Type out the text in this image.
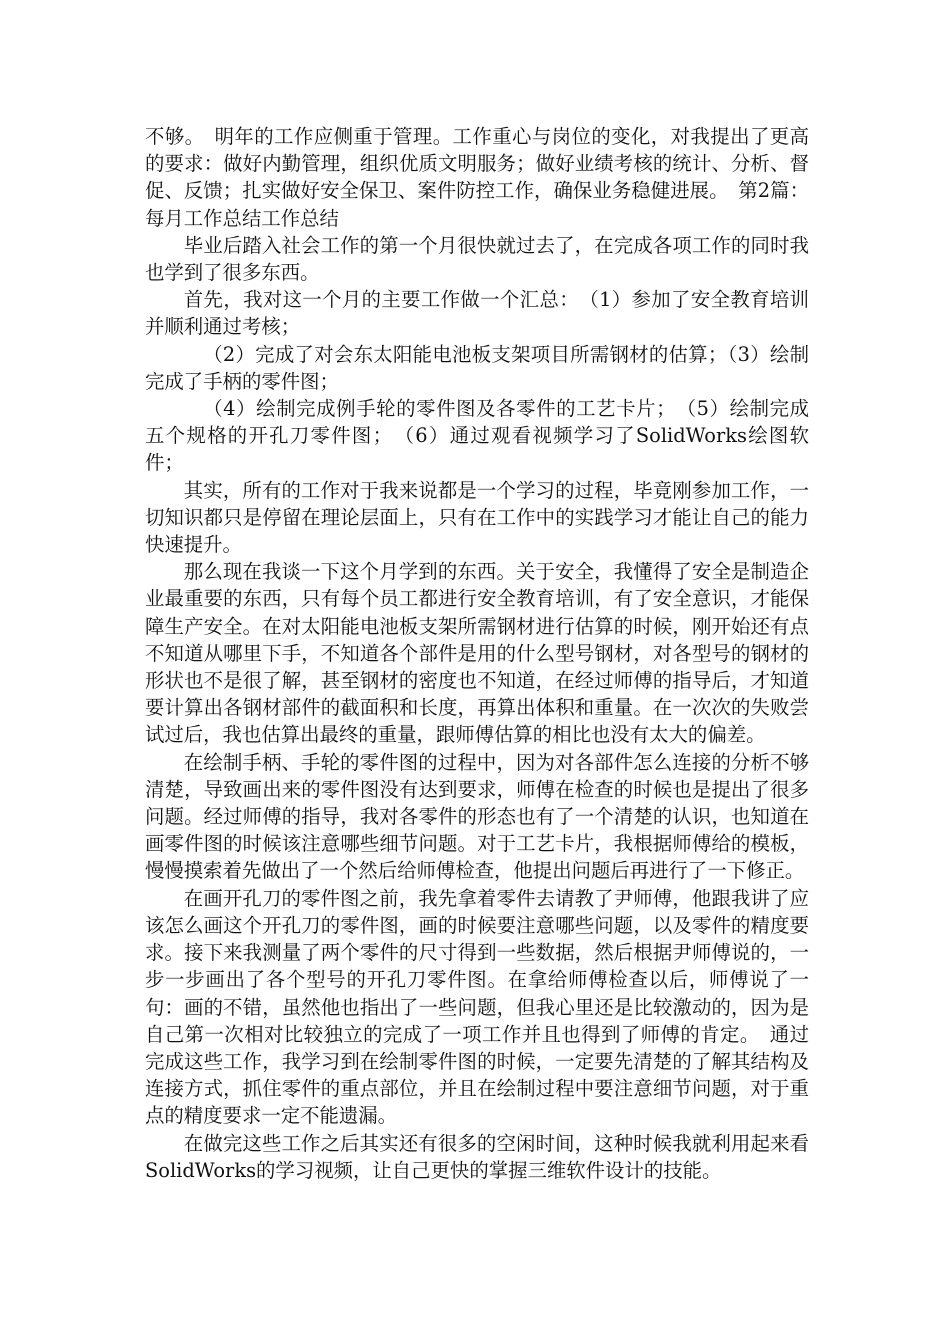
不够。　明年的工作应侧重于管理。工作重心与岗位的变化，对我提出了更高的要求：做好内勤管理，组织优质文明服务；做好业绩考核的统计、分析、督促、反馈；扎实做好安全保卫、案件防控工作，确保业务稳健进展。　第2篇：每月工作总结工作总结

毕业后踏入社会工作的第一个月很快就过去了，在完成各项工作的同时我也学到了很多东西。

首先，我对这一个月的主要工作做一个汇总：　（1）参加了安全教育培训并顺利通过考核；

（2）完成了对会东太阳能电池板支架项目所需钢材的估算；（3）绘制完成了手柄的零件图；

（4）绘制完成例手轮的零件图及各零件的工艺卡片；　（5）绘制完成五个规格的开孔刀零件图；　（6）通过观看视频学习了SolidWorks绘图软件；

其实，所有的工作对于我来说都是一个学习的过程，毕竟刚参加工作，一切知识都只是停留在理论层面上，只有在工作中的实践学习才能让自己的能力快速提升。

那么现在我谈一下这个月学到的东西。关于安全，我懂得了安全是制造企业最重要的东西，只有每个员工都进行安全教育培训，有了安全意识，才能保障生产安全。在对太阳能电池板支架所需钢材进行估算的时候，刚开始还有点不知道从哪里下手，不知道各个部件是用的什么型号钢材，对各型号的钢材的形状也不是很了解，甚至钢材的密度也不知道，在经过师傅的指导后，才知道要计算出各钢材部件的截面积和长度，再算出体积和重量。在一次次的失败尝试过后，我也估算出最终的重量，跟师傅估算的相比也没有太大的偏差。

在绘制手柄、手轮的零件图的过程中，因为对各部件怎么连接的分析不够清楚，导致画出来的零件图没有达到要求，师傅在检查的时候也是提出了很多问题。经过师傅的指导，我对各零件的形态也有了一个清楚的认识，也知道在画零件图的时候该注意哪些细节问题。对于工艺卡片，我根据师傅给的模板，慢慢摸索着先做出了一个然后给师傅检查，他提出问题后再进行了一下修正。

在画开孔刀的零件图之前，我先拿着零件去请教了尹师傅，他跟我讲了应该怎么画这个开孔刀的零件图，画的时候要注意哪些问题，以及零件的精度要求。接下来我测量了两个零件的尺寸得到一些数据，然后根据尹师傅说的，一步一步画出了各个型号的开孔刀零件图。在拿给师傅检查以后，师傅说了一句：画的不错，虽然他也指出了一些问题，但我心里还是比较激动的，因为是自己第一次相对比较独立的完成了一项工作并且也得到了师傅的肯定。　通过完成这些工作，我学习到在绘制零件图的时候，一定要先清楚的了解其结构及连接方式，抓住零件的重点部位，并且在绘制过程中要注意细节问题，对于重点的精度要求一定不能遗漏。

在做完这些工作之后其实还有很多的空闲时间，这种时候我就利用起来看SolidWorks的学习视频，让自己更快的掌握三维软件设计的技能。
